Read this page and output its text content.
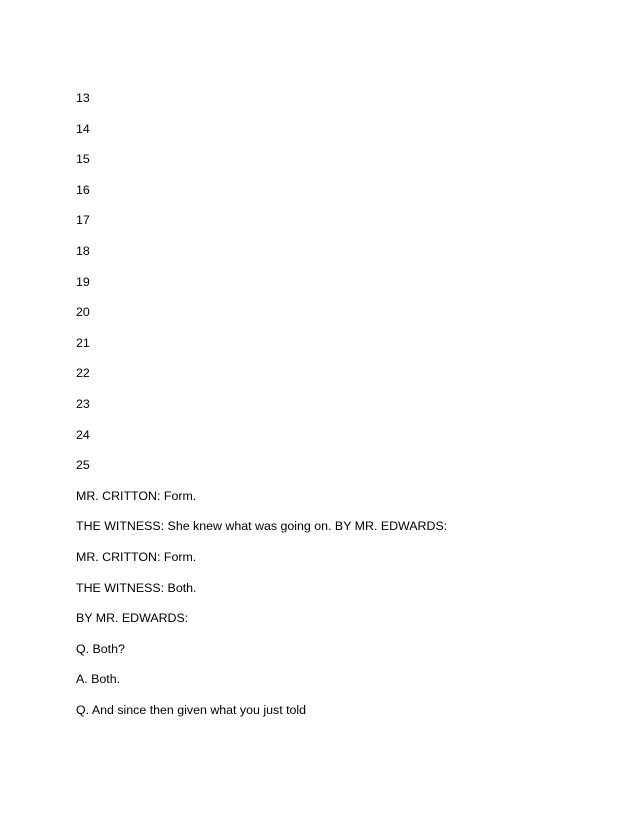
13
14
15
16
17
18
19
20
21
22
23
24
25
MR. CRITTON: Form.
THE WITNESS: She knew what was going on. BY MR. EDWARDS:
MR. CRITTON: Form.
THE WITNESS: Both.
BY MR. EDWARDS:
Q. Both?
A. Both.
Q. And since then given what you just told
